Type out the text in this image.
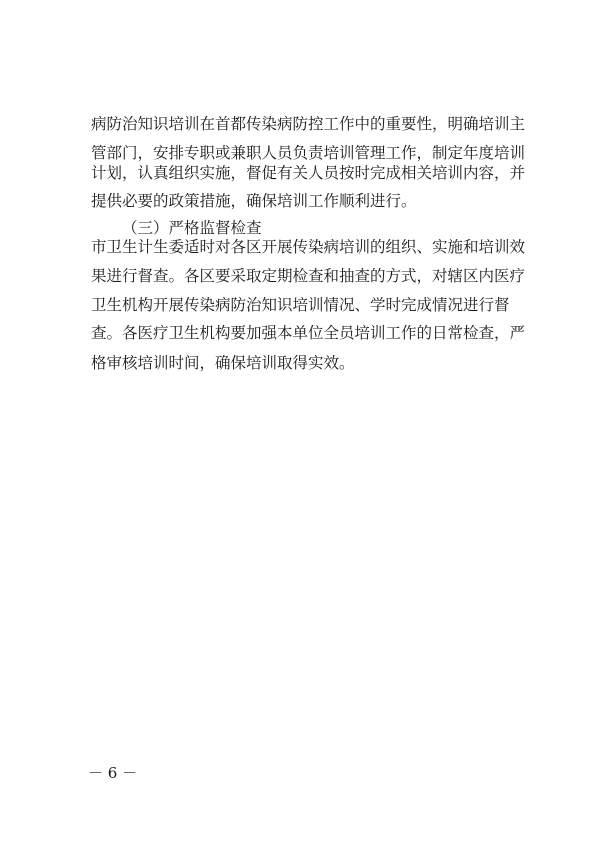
病防治知识培训在首都传染病防控工作中的重要性，明确培训主
管部门，安排专职或兼职人员负责培训管理工作，制定年度培训
计划，认真组织实施，督促有关人员按时完成相关培训内容，并
提供必要的政策措施，确保培训工作顺利进行。
（三）严格监督检查
市卫生计生委适时对各区开展传染病培训的组织、实施和培训效
果进行督查。各区要采取定期检查和抽查的方式，对辖区内医疗
卫生机构开展传染病防治知识培训情况、学时完成情况进行督
查。各医疗卫生机构要加强本单位全员培训工作的日常检查，严
格审核培训时间，确保培训取得实效。
－ 6 －
